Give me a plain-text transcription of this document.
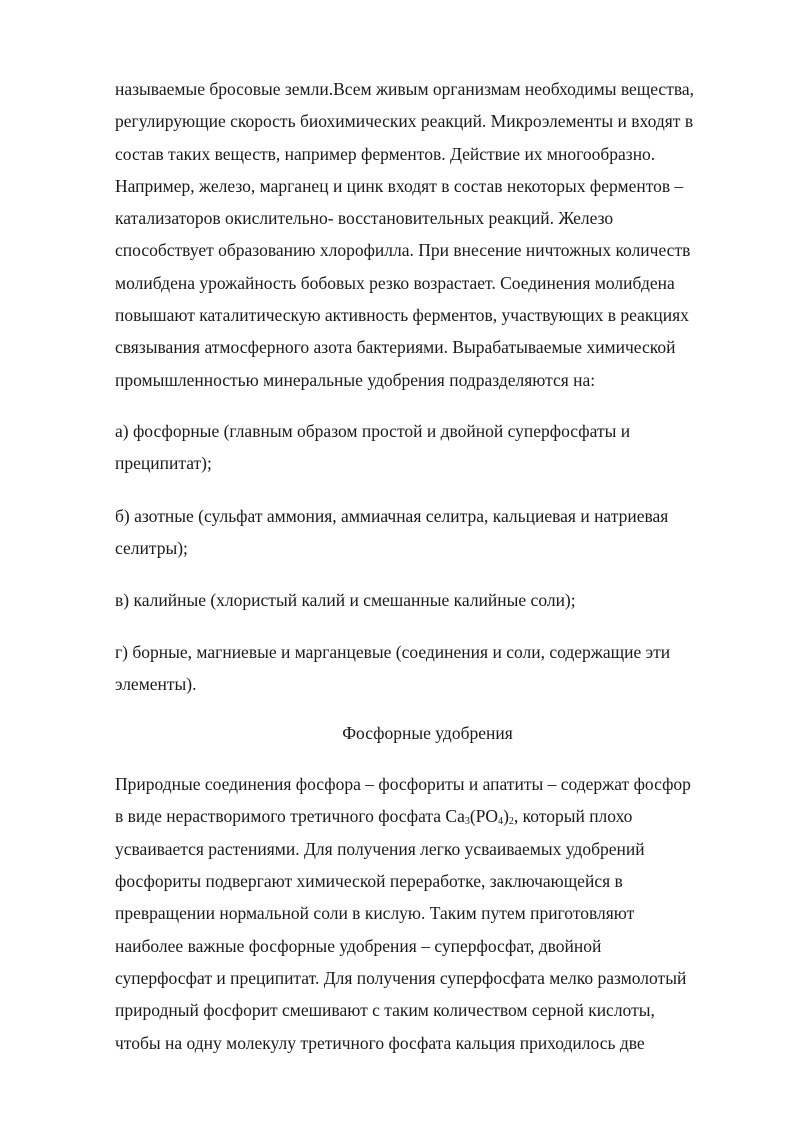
называемые бросовые земли.Всем живым организмам необходимы вещества,
регулирующие скорость биохимических реакций. Микроэлементы и входят в
состав таких веществ, например ферментов. Действие их многообразно.
Например, железо, марганец и цинк входят в состав некоторых ферментов –
катализаторов окислительно- восстановительных реакций. Железо
способствует образованию хлорофилла. При внесение ничтожных количеств
молибдена урожайность бобовых резко возрастает. Соединения молибдена
повышают каталитическую активность ферментов, участвующих в реакциях
связывания атмосферного азота бактериями. Вырабатываемые химической
промышленностью минеральные удобрения подразделяются на:
а) фосфорные (главным образом простой и двойной суперфосфаты и
преципитат);
б) азотные (сульфат аммония, аммиачная селитра, кальциевая и натриевая
селитры);
в) калийные (хлористый калий и смешанные калийные соли);
г) борные, магниевые и марганцевые (соединения и соли, содержащие эти
элементы).
Фосфорные удобрения
Природные соединения фосфора – фосфориты и апатиты – содержат фосфор
в виде нерастворимого третичного фосфата $Ca_3(PO_4)_2$, который плохо
усваивается растениями. Для получения легко усваиваемых удобрений
фосфориты подвергают химической переработке, заключающейся в
превращении нормальной соли в кислую. Таким путем приготовляют
наиболее важные фосфорные удобрения – суперфосфат, двойной
суперфосфат и преципитат. Для получения суперфосфата мелко размолотый
природный фосфорит смешивают с таким количеством серной кислоты,
чтобы на одну молекулу третичного фосфата кальция приходилось две
